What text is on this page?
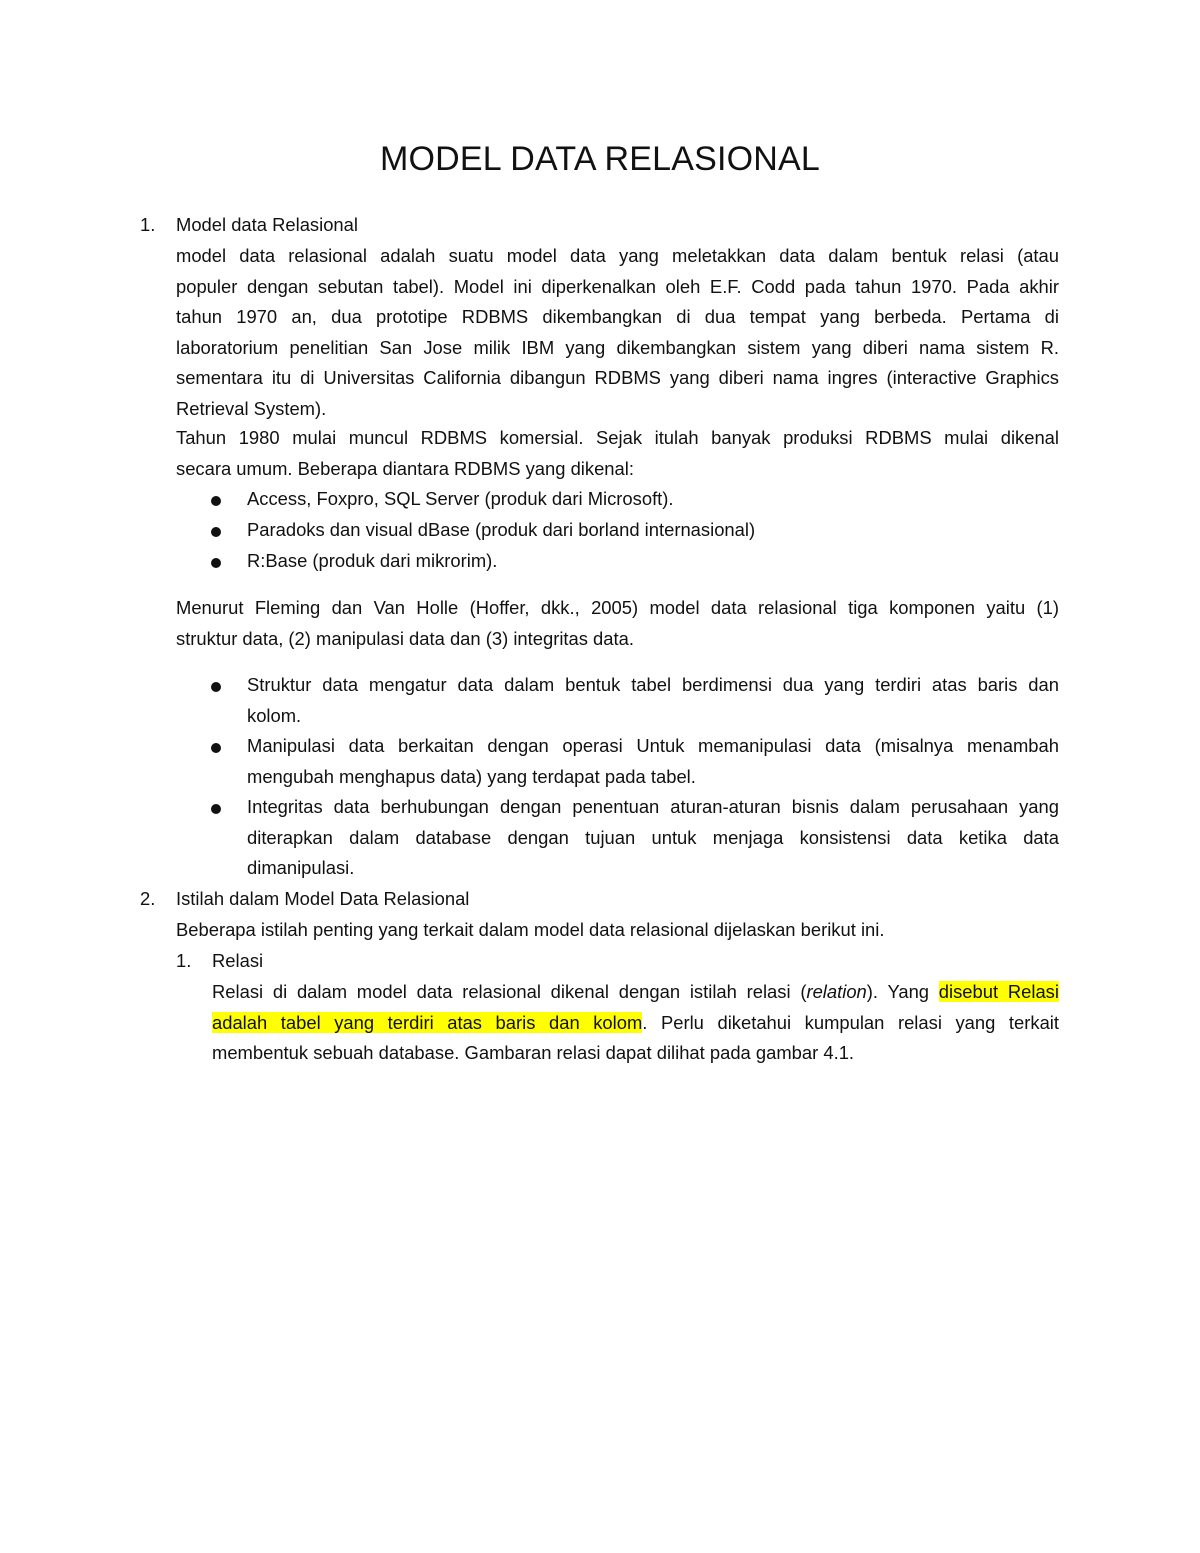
MODEL DATA RELASIONAL
1.	Model data Relasional
model data relasional adalah suatu model data yang meletakkan data dalam bentuk relasi (atau
populer dengan sebutan tabel). Model ini diperkenalkan oleh E.F. Codd pada tahun 1970. Pada akhir
tahun 1970 an, dua prototipe RDBMS dikembangkan di dua tempat yang berbeda. Pertama di
laboratorium penelitian San Jose milik IBM yang dikembangkan sistem yang diberi nama sistem R.
sementara itu di Universitas California dibangun RDBMS yang diberi nama ingres (interactive Graphics
Retrieval System).
Tahun 1980 mulai muncul RDBMS komersial. Sejak itulah banyak produksi RDBMS mulai dikenal
secara umum. Beberapa diantara RDBMS yang dikenal:
Access, Foxpro, SQL Server (produk dari Microsoft).
Paradoks dan visual dBase (produk dari borland internasional)
R:Base (produk dari mikrorim).
Menurut Fleming dan Van Holle (Hoffer, dkk., 2005) model data relasional tiga komponen yaitu (1)
struktur data, (2) manipulasi data dan (3) integritas data.
Struktur data mengatur data dalam bentuk tabel berdimensi dua yang terdiri atas baris dan
kolom.
Manipulasi data berkaitan dengan operasi Untuk memanipulasi data (misalnya menambah
mengubah menghapus data) yang terdapat pada tabel.
Integritas data berhubungan dengan penentuan aturan-aturan bisnis dalam perusahaan yang
diterapkan dalam database dengan tujuan untuk menjaga konsistensi data ketika data
dimanipulasi.
2.	Istilah dalam Model Data Relasional
Beberapa istilah penting yang terkait dalam model data relasional dijelaskan berikut ini.
1.	Relasi
Relasi di dalam model data relasional dikenal dengan istilah relasi (relation). Yang disebut Relasi
adalah tabel yang terdiri atas baris dan kolom. Perlu diketahui kumpulan relasi yang terkait
membentuk sebuah database. Gambaran relasi dapat dilihat pada gambar 4.1.
